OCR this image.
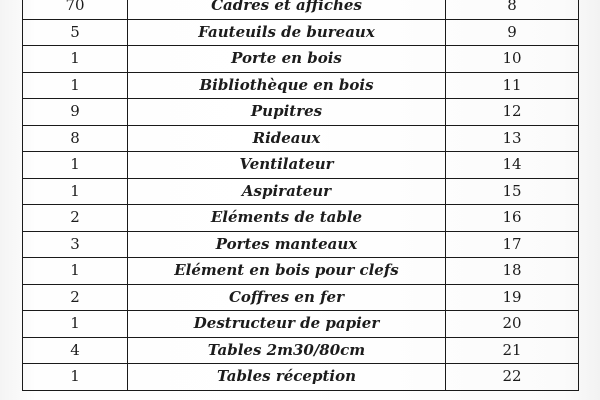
70	Cadres et affiches	8
5	Fauteuils de bureaux	9
1	Porte en bois	10
1	Bibliothèque en bois	11
9	Pupitres	12
8	Rideaux	13
1	Ventilateur	14
1	Aspirateur	15
2	Eléments de table	16
3	Portes manteaux	17
1	Elément en bois pour clefs	18
2	Coffres en fer	19
1	Destructeur de papier	20
4	Tables 2m30/80cm	21
1	Tables réception	22
